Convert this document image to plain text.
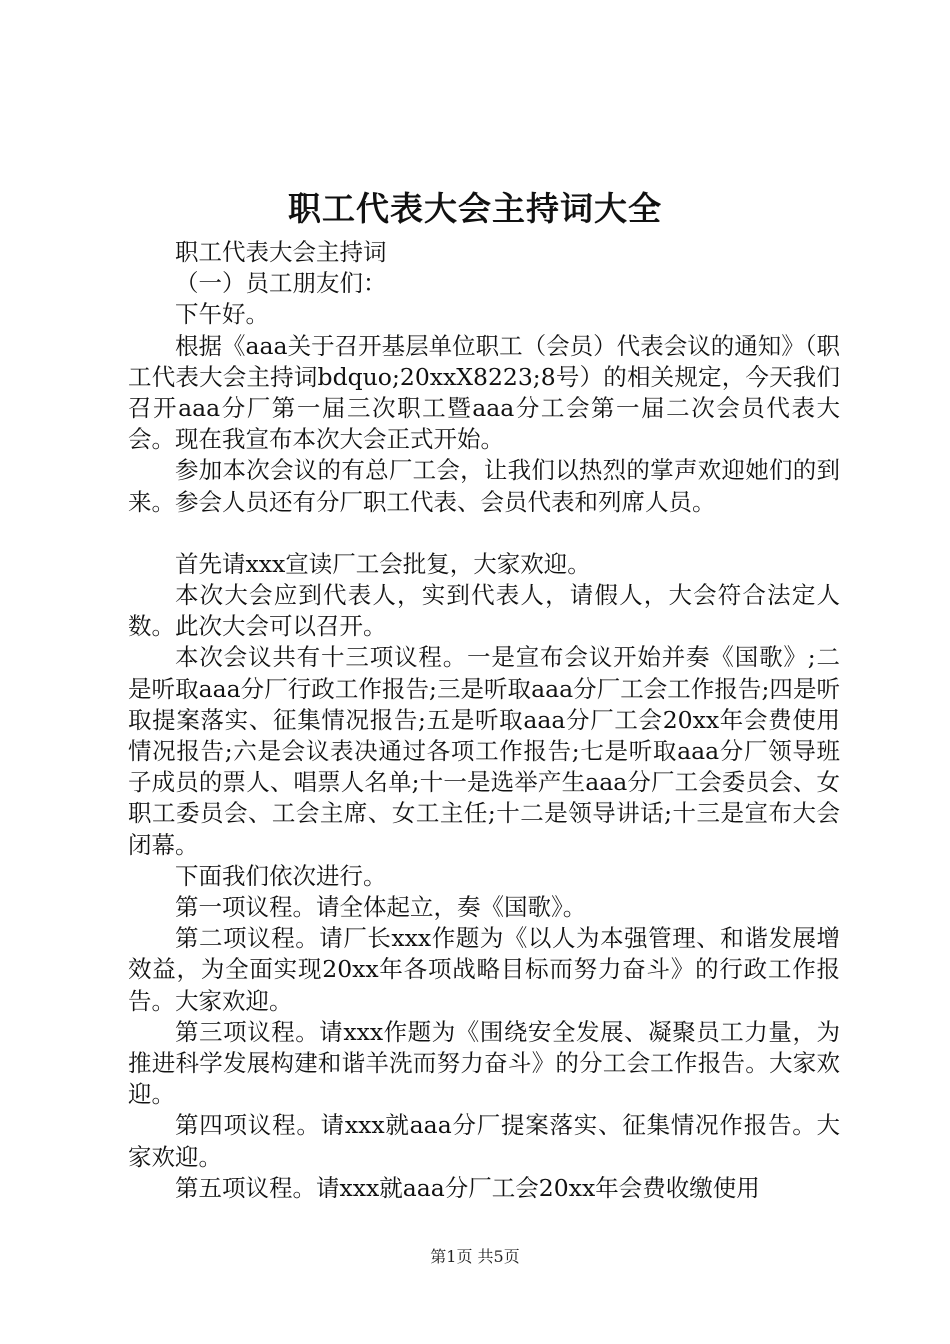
职工代表大会主持词大全

职工代表大会主持词

（一）员工朋友们：

下午好。

根据《aaa关于召开基层单位职工（会员）代表会议的通知》（职工代表大会主持词bdquo;20xxX8223;8号）的相关规定，今天我们召开aaa分厂第一届三次职工暨aaa分工会第一届二次会员代表大会。现在我宣布本次大会正式开始。

参加本次会议的有总厂工会，让我们以热烈的掌声欢迎她们的到来。参会人员还有分厂职工代表、会员代表和列席人员。

首先请xxx宣读厂工会批复，大家欢迎。

本次大会应到代表人，实到代表人，请假人，大会符合法定人数。此次大会可以召开。

本次会议共有十三项议程。一是宣布会议开始并奏《国歌》;二是听取aaa分厂行政工作报告;三是听取aaa分厂工会工作报告;四是听取提案落实、征集情况报告;五是听取aaa分厂工会20xx年会费使用情况报告;六是会议表决通过各项工作报告;七是听取aaa分厂领导班子成员的票人、唱票人名单;十一是选举产生aaa分厂工会委员会、女职工委员会、工会主席、女工主任;十二是领导讲话;十三是宣布大会闭幕。

下面我们依次进行。

第一项议程。请全体起立，奏《国歌》。

第二项议程。请厂长xxx作题为《以人为本强管理、和谐发展增效益，为全面实现20xx年各项战略目标而努力奋斗》的行政工作报告。大家欢迎。

第三项议程。请xxx作题为《围绕安全发展、凝聚员工力量，为推进科学发展构建和谐羊洗而努力奋斗》的分工会工作报告。大家欢迎。

第四项议程。请xxx就aaa分厂提案落实、征集情况作报告。大家欢迎。

第五项议程。请xxx就aaa分厂工会20xx年会费收缴使用

第1页 共5页
